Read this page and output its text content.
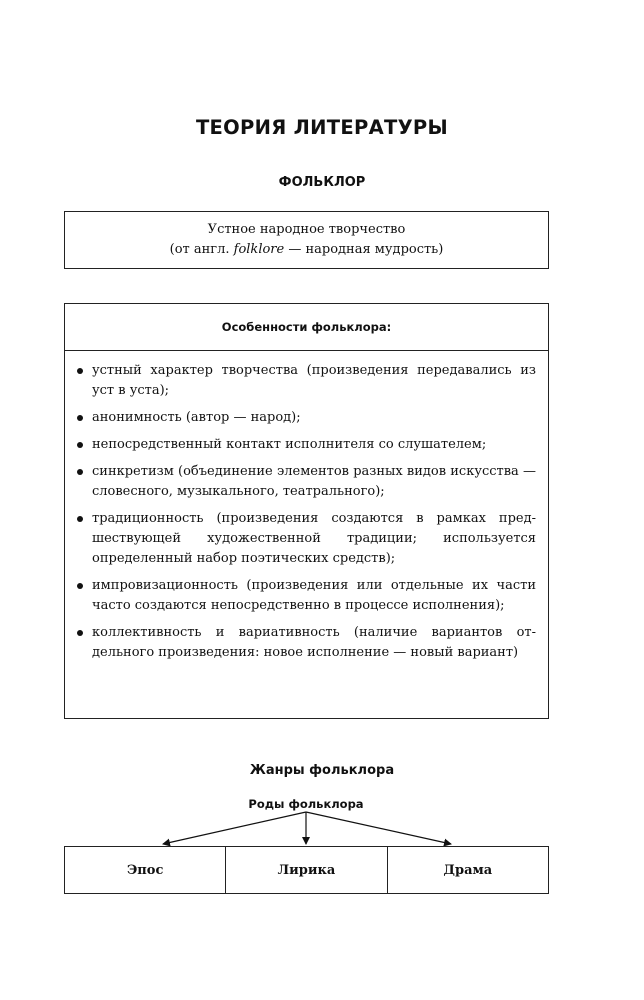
ТЕОРИЯ ЛИТЕРАТУРЫ
ФОЛЬКЛОР
Устное народное творчество
(от англ. folklore — народная мудрость)
Особенности фольклора:
устный характер творчества (произведения передавались из уст в уста);
анонимность (автор — народ);
непосредственный контакт исполнителя со слушателем;
синкретизм (объединение элементов разных видов искусства — словесного, музыкального, театрального);
традиционность (произведения создаются в рамках предшествующей художественной традиции; используется определенный набор поэтических средств);
импровизационность (произведения или отдельные их части часто создаются непосредственно в процессе исполнения);
коллективность и вариативность (наличие вариантов отдельного произведения: новое исполнение — новый вариант)
Жанры фольклора
Роды фольклора
Эпос	Лирика	Драма
